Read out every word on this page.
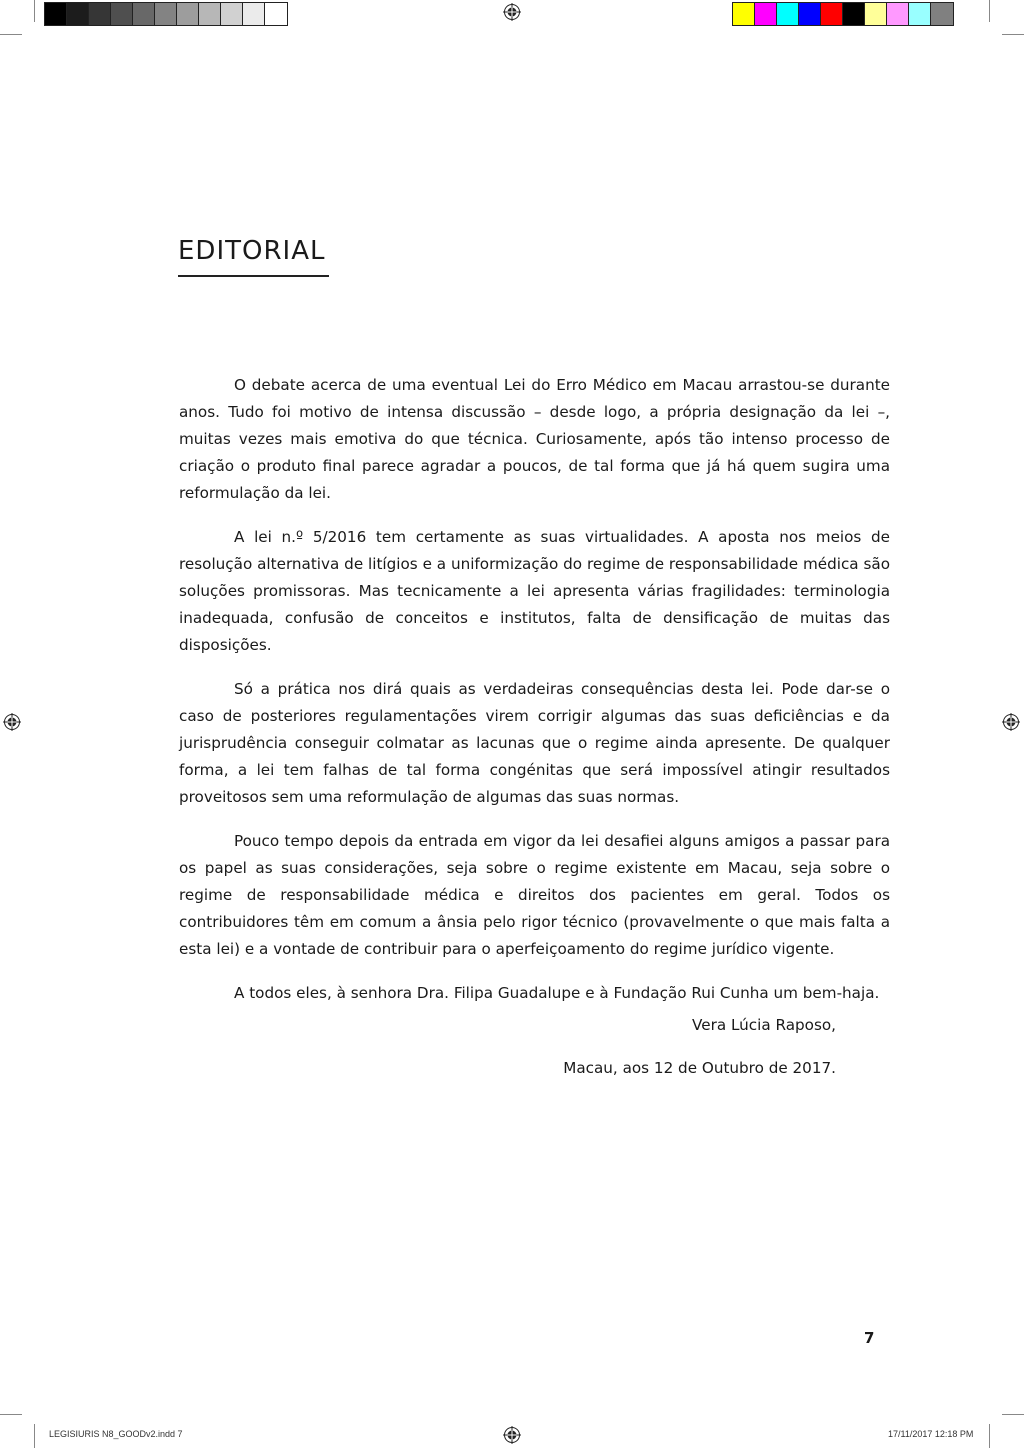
EDITORIAL

O debate acerca de uma eventual Lei do Erro Médico em Macau arrastou-se durante anos. Tudo foi motivo de intensa discussão – desde logo, a própria designação da lei –, muitas vezes mais emotiva do que técnica. Curiosamente, após tão intenso processo de criação o produto final parece agradar a poucos, de tal forma que já há quem sugira uma reformulação da lei.

A lei n.º 5/2016 tem certamente as suas virtualidades. A aposta nos meios de resolução alternativa de litígios e a uniformização do regime de responsabilidade médica são soluções promissoras. Mas tecnicamente a lei apresenta várias fragilidades: terminologia inadequada, confusão de conceitos e institutos, falta de densificação de muitas das disposições.

Só a prática nos dirá quais as verdadeiras consequências desta lei. Pode dar-se o caso de posteriores regulamentações virem corrigir algumas das suas deficiências e da jurisprudência conseguir colmatar as lacunas que o regime ainda apresente. De qualquer forma, a lei tem falhas de tal forma congénitas que será impossível atingir resultados proveitosos sem uma reformulação de algumas das suas normas.

Pouco tempo depois da entrada em vigor da lei desafiei alguns amigos a passar para os papel as suas considerações, seja sobre o regime existente em Macau, seja sobre o regime de responsabilidade médica e direitos dos pacientes em geral. Todos os contribuidores têm em comum a ânsia pelo rigor técnico (provavelmente o que mais falta a esta lei) e a vontade de contribuir para o aperfeiçoamento do regime jurídico vigente.

A todos eles, à senhora Dra. Filipa Guadalupe e à Fundação Rui Cunha um bem-haja.

Vera Lúcia Raposo,
Macau, aos 12 de Outubro de 2017.
7
LEGISIURIS N8_GOODv2.indd 7	17/11/2017 12:18 PM
